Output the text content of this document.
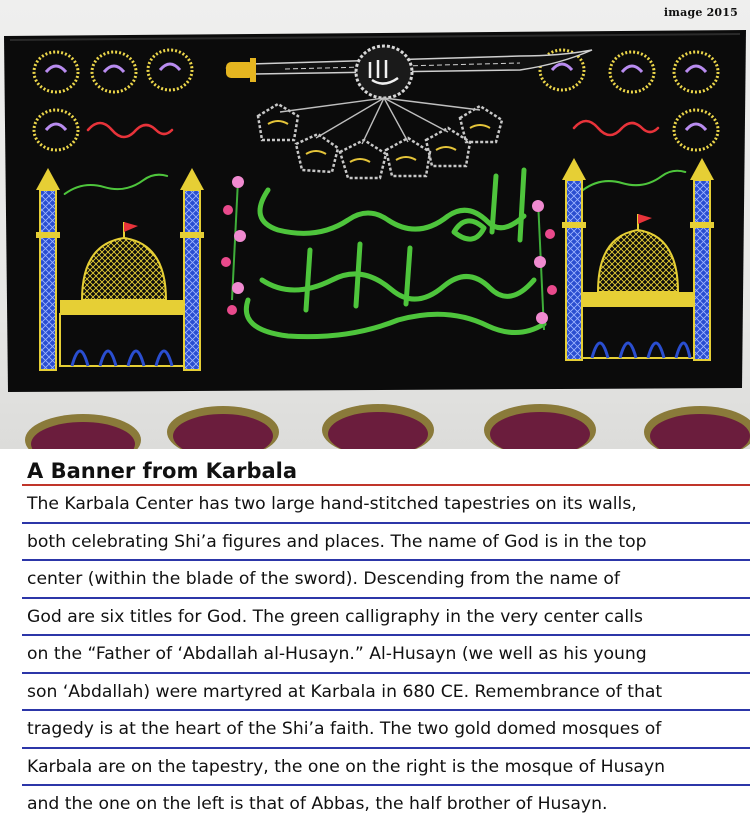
image 2015
A Banner from Karbala
The Karbala Center has two large hand-stitched tapestries on its walls,
both celebrating Shi’a figures and places. The name of God is in the top
center (within the blade of the sword). Descending from the name of
God are six titles for God. The green calligraphy in the very center calls
on the “Father of ‘Abdallah al-Husayn.” Al-Husayn (we well as his young
son ‘Abdallah) were martyred at Karbala in 680 CE. Remembrance of that
tragedy is at the heart of the Shi’a faith. The two gold domed mosques of
Karbala are on the tapestry, the one on the right is the mosque of Husayn
and the one on the left is that of Abbas, the half brother of Husayn.
